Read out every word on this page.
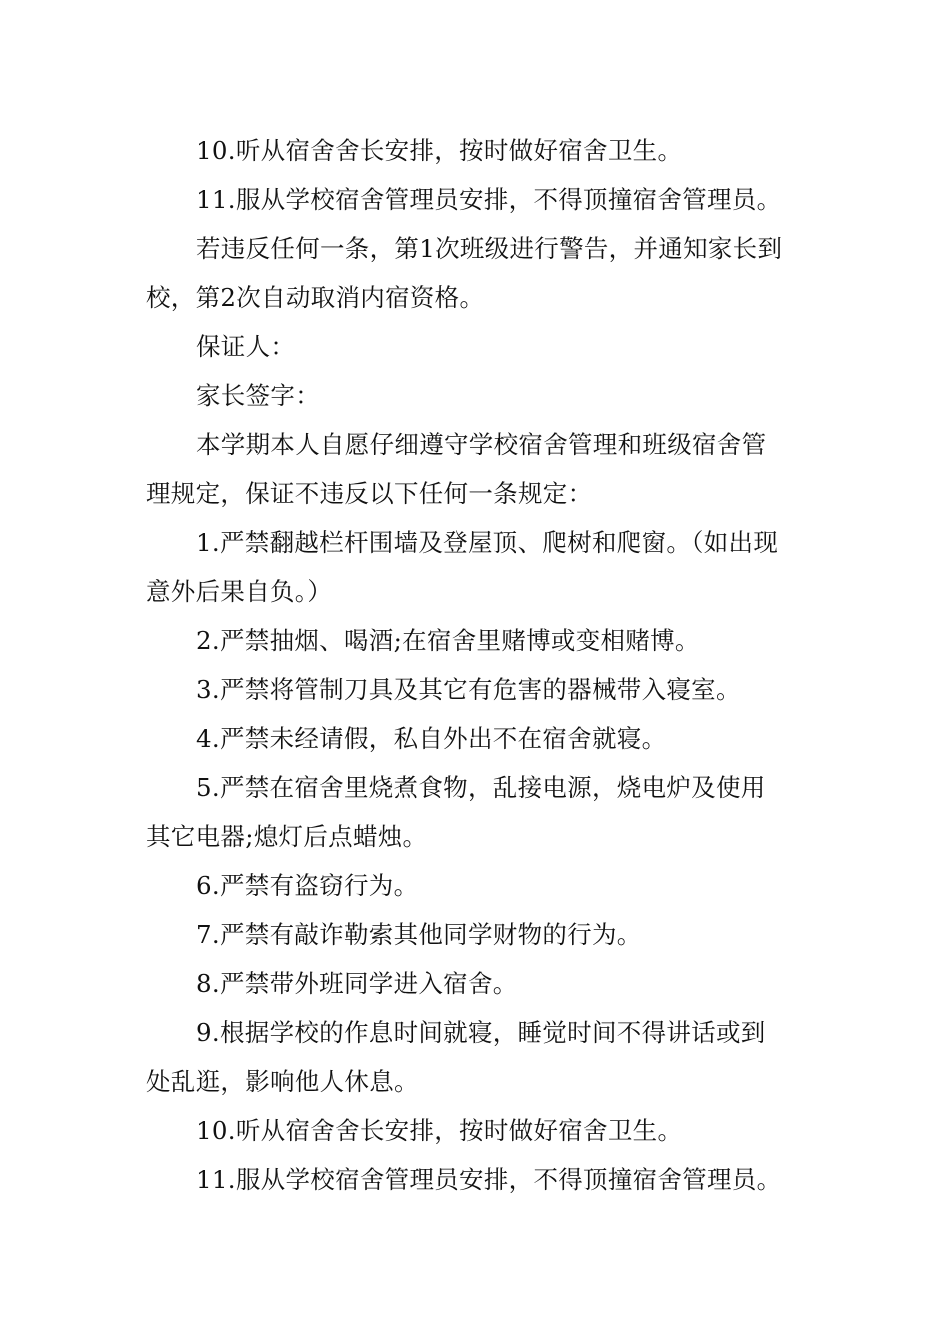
10.听从宿舍舍长安排，按时做好宿舍卫生。
11.服从学校宿舍管理员安排，不得顶撞宿舍管理员。
若违反任何一条，第1次班级进行警告，并通知家长到
校，第2次自动取消内宿资格。
保证人：
家长签字：
本学期本人自愿仔细遵守学校宿舍管理和班级宿舍管
理规定，保证不违反以下任何一条规定：
1.严禁翻越栏杆围墙及登屋顶、爬树和爬窗。（如出现
意外后果自负。）
2.严禁抽烟、喝酒;在宿舍里赌博或变相赌博。
3.严禁将管制刀具及其它有危害的器械带入寝室。
4.严禁未经请假，私自外出不在宿舍就寝。
5.严禁在宿舍里烧煮食物，乱接电源，烧电炉及使用
其它电器;熄灯后点蜡烛。
6.严禁有盗窃行为。
7.严禁有敲诈勒索其他同学财物的行为。
8.严禁带外班同学进入宿舍。
9.根据学校的作息时间就寝，睡觉时间不得讲话或到
处乱逛，影响他人休息。
10.听从宿舍舍长安排，按时做好宿舍卫生。
11.服从学校宿舍管理员安排，不得顶撞宿舍管理员。
